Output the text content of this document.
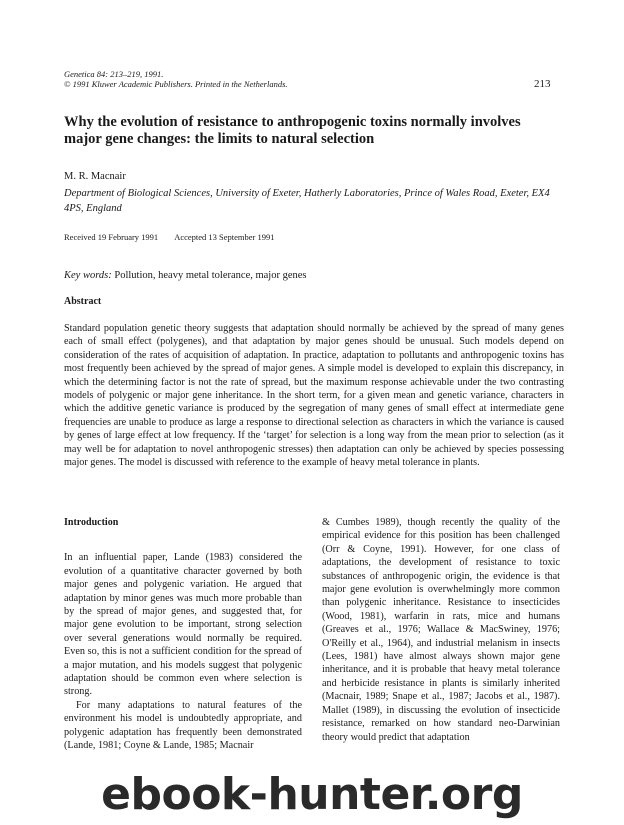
Genetica 84: 213–219, 1991.
© 1991 Kluwer Academic Publishers. Printed in the Netherlands.	213
Why the evolution of resistance to anthropogenic toxins normally involves major gene changes: the limits to natural selection
M. R. Macnair
Department of Biological Sciences, University of Exeter, Hatherly Laboratories, Prince of Wales Road, Exeter, EX4 4PS, England
Received 19 February 1991 Accepted 13 September 1991
Key words: Pollution, heavy metal tolerance, major genes
Abstract
Standard population genetic theory suggests that adaptation should normally be achieved by the spread of many genes each of small effect (polygenes), and that adaptation by major genes should be unusual. Such models depend on consideration of the rates of acquisition of adaptation. In practice, adaptation to pollutants and anthropogenic toxins has most frequently been achieved by the spread of major genes. A simple model is developed to explain this discrepancy, in which the determining factor is not the rate of spread, but the maximum response achievable under the two contrasting models of polygenic or major gene inheritance. In the short term, for a given mean and genetic variance, characters in which the additive genetic variance is produced by the segregation of many genes of small effect at intermediate gene frequencies are unable to produce as large a response to directional selection as characters in which the variance is caused by genes of large effect at low frequency. If the ‘target’ for selection is a long way from the mean prior to selection (as it may well be for adaptation to novel anthropogenic stresses) then adaptation can only be achieved by species possessing major genes. The model is discussed with reference to the example of heavy metal tolerance in plants.
Introduction

In an influential paper, Lande (1983) considered the evolution of a quantitative character governed by both major genes and polygenic variation. He argued that adaptation by minor genes was much more probable than by the spread of major genes, and suggested that, for major gene evolution to be important, strong selection over several generations would normally be required. Even so, this is not a sufficient condition for the spread of a major mutation, and his models suggest that polygenic adaptation should be common even where selection is strong.

For many adaptations to natural features of the environment his model is undoubtedly appropriate, and polygenic adaptation has frequently been demonstrated (Lande, 1981; Coyne & Lande, 1985; Macnair

& Cumbes 1989), though recently the quality of the empirical evidence for this position has been challenged (Orr & Coyne, 1991). However, for one class of adaptations, the development of resistance to toxic substances of anthropogenic origin, the evidence is that major gene evolution is overwhelmingly more common than polygenic inheritance. Resistance to insecticides (Wood, 1981), warfarin in rats, mice and humans (Greaves et al., 1976; Wallace & MacSwiney, 1976; O'Reilly et al., 1964), and industrial melanism in insects (Lees, 1981) have almost always shown major gene inheritance, and it is probable that heavy metal tolerance and herbicide resistance in plants is similarly inherited (Macnair, 1989; Snape et al., 1987; Jacobs et al., 1987). Mallet (1989), in discussing the evolution of insecticide resistance, remarked on how standard neo-Darwinian theory would predict that adaptation

ebook-hunter.org
